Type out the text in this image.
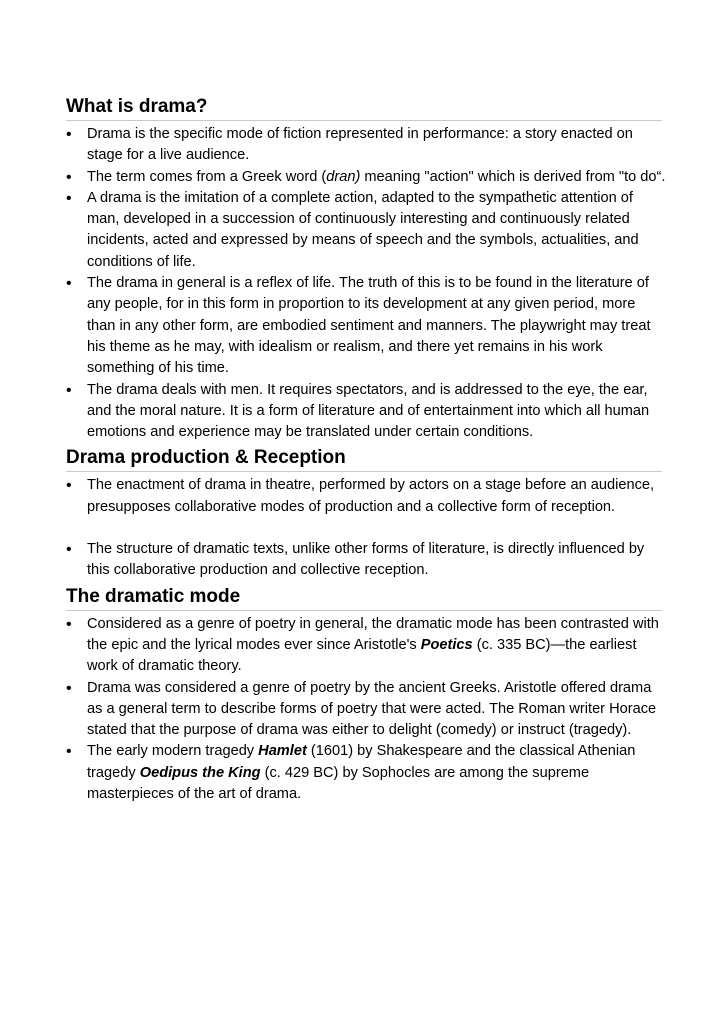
What is drama?
• Drama is the specific mode of fiction represented in performance: a story enacted on stage for a live audience.
• The term comes from a Greek word (dran) meaning "action" which is derived from "to do“.
• A drama is the imitation of a complete action, adapted to the sympathetic attention of man, developed in a succession of continuously interesting and continuously related incidents, acted and expressed by means of speech and the symbols, actualities, and conditions of life.
• The drama in general is a reflex of life. The truth of this is to be found in the literature of any people, for in this form in proportion to its development at any given period, more than in any other form, are embodied sentiment and manners. The playwright may treat his theme as he may, with idealism or realism, and there yet remains in his work something of his time.
• The drama deals with men. It requires spectators, and is addressed to the eye, the ear, and the moral nature. It is a form of literature and of entertainment into which all human emotions and experience may be translated under certain conditions.
Drama production & Reception
• The enactment of drama in theatre, performed by actors on a stage before an audience, presupposes collaborative modes of production and a collective form of reception.
• The structure of dramatic texts, unlike other forms of literature, is directly influenced by this collaborative production and collective reception.
The dramatic mode
• Considered as a genre of poetry in general, the dramatic mode has been contrasted with the epic and the lyrical modes ever since Aristotle's Poetics (c. 335 BC)—the earliest work of dramatic theory.
• Drama was considered a genre of poetry by the ancient Greeks. Aristotle offered drama as a general term to describe forms of poetry that were acted. The Roman writer Horace stated that the purpose of drama was either to delight (comedy) or instruct (tragedy).
• The early modern tragedy Hamlet (1601) by Shakespeare and the classical Athenian tragedy Oedipus the King (c. 429 BC) by Sophocles are among the supreme masterpieces of the art of drama.
